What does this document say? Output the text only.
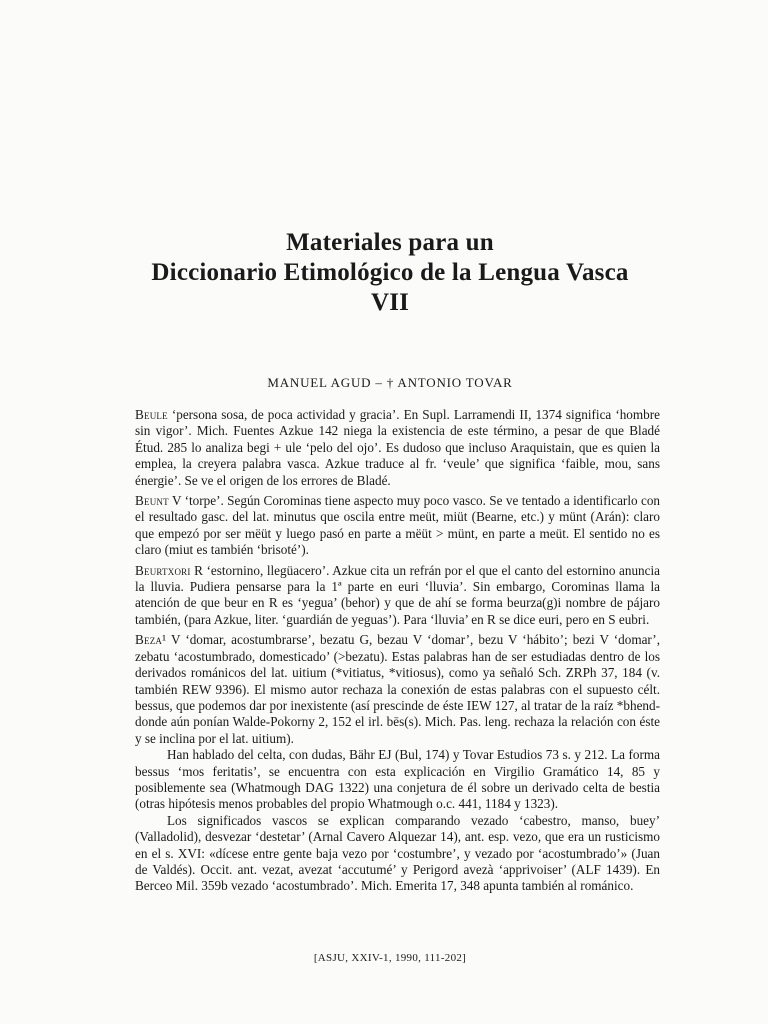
Materiales para un
Diccionario Etimológico de la Lengua Vasca
VII
MANUEL AGUD – † ANTONIO TOVAR

Beule ‘persona sosa, de poca actividad y gracia’. En Supl. Larramendi II, 1374 significa ‘hombre sin vigor’. Mich. Fuentes Azkue 142 niega la existencia de este término, a pesar de que Bladé Étud. 285 lo analiza begi + ule ‘pelo del ojo’. Es dudoso que incluso Araquistain, que es quien la emplea, la creyera palabra vasca. Azkue traduce al fr. ‘veule’ que significa ‘faible, mou, sans énergie’. Se ve el origen de los errores de Bladé.

Beunt V ‘torpe’. Según Corominas tiene aspecto muy poco vasco. Se ve tentado a identificarlo con el resultado gasc. del lat. minutus que oscila entre meüt, miüt (Bearne, etc.) y münt (Arán): claro que empezó por ser mëüt y luego pasó en parte a mëüt > münt, en parte a meüt. El sentido no es claro (miut es también ‘brisoté’).

Beurtxori R ‘estornino, llegüacero’. Azkue cita un refrán por el que el canto del estornino anuncia la lluvia. Pudiera pensarse para la 1ª parte en euri ‘lluvia’. Sin embargo, Corominas llama la atención de que beur en R es ‘yegua’ (behor) y que de ahí se forma beurza(g)i nombre de pájaro también, (para Azkue, liter. ‘guardián de yeguas’). Para ‘lluvia’ en R se dice euri, pero en S eubri.

Beza¹ V ‘domar, acostumbrarse’, bezatu G, bezau V ‘domar’, bezu V ‘hábito’; bezi V ‘domar’, zebatu ‘acostumbrado, domesticado’ (>bezatu). Estas palabras han de ser estudiadas dentro de los derivados románicos del lat. uitium (*vitiatus, *vitiosus), como ya señaló Sch. ZRPh 37, 184 (v. también REW 9396). El mismo autor rechaza la conexión de estas palabras con el supuesto célt. bessus, que podemos dar por inexistente (así prescinde de éste IEW 127, al tratar de la raíz *bhend- donde aún ponían Walde-Pokorny 2, 152 el irl. bēs(s). Mich. Pas. leng. rechaza la relación con éste y se inclina por el lat. uitium).

Han hablado del celta, con dudas, Bähr EJ (Bul, 174) y Tovar Estudios 73 s. y 212. La forma bessus ‘mos feritatis’, se encuentra con esta explicación en Virgilio Gramático 14, 85 y posiblemente sea (Whatmough DAG 1322) una conjetura de él sobre un derivado celta de bestia (otras hipótesis menos probables del propio Whatmough o.c. 441, 1184 y 1323).

Los significados vascos se explican comparando vezado ‘cabestro, manso, buey’ (Valladolid), desvezar ‘destetar’ (Arnal Cavero Alquezar 14), ant. esp. vezo, que era un rusticismo en el s. XVI: «dícese entre gente baja vezo por ‘costumbre’, y vezado por ‘acostumbrado’» (Juan de Valdés). Occit. ant. vezat, avezat ‘accutumé’ y Perigord avezà ‘apprivoiser’ (ALF 1439). En Berceo Mil. 359b vezado ‘acostumbrado’. Mich. Emerita 17, 348 apunta también al románico.

[ASJU, XXIV-1, 1990, 111-202]
